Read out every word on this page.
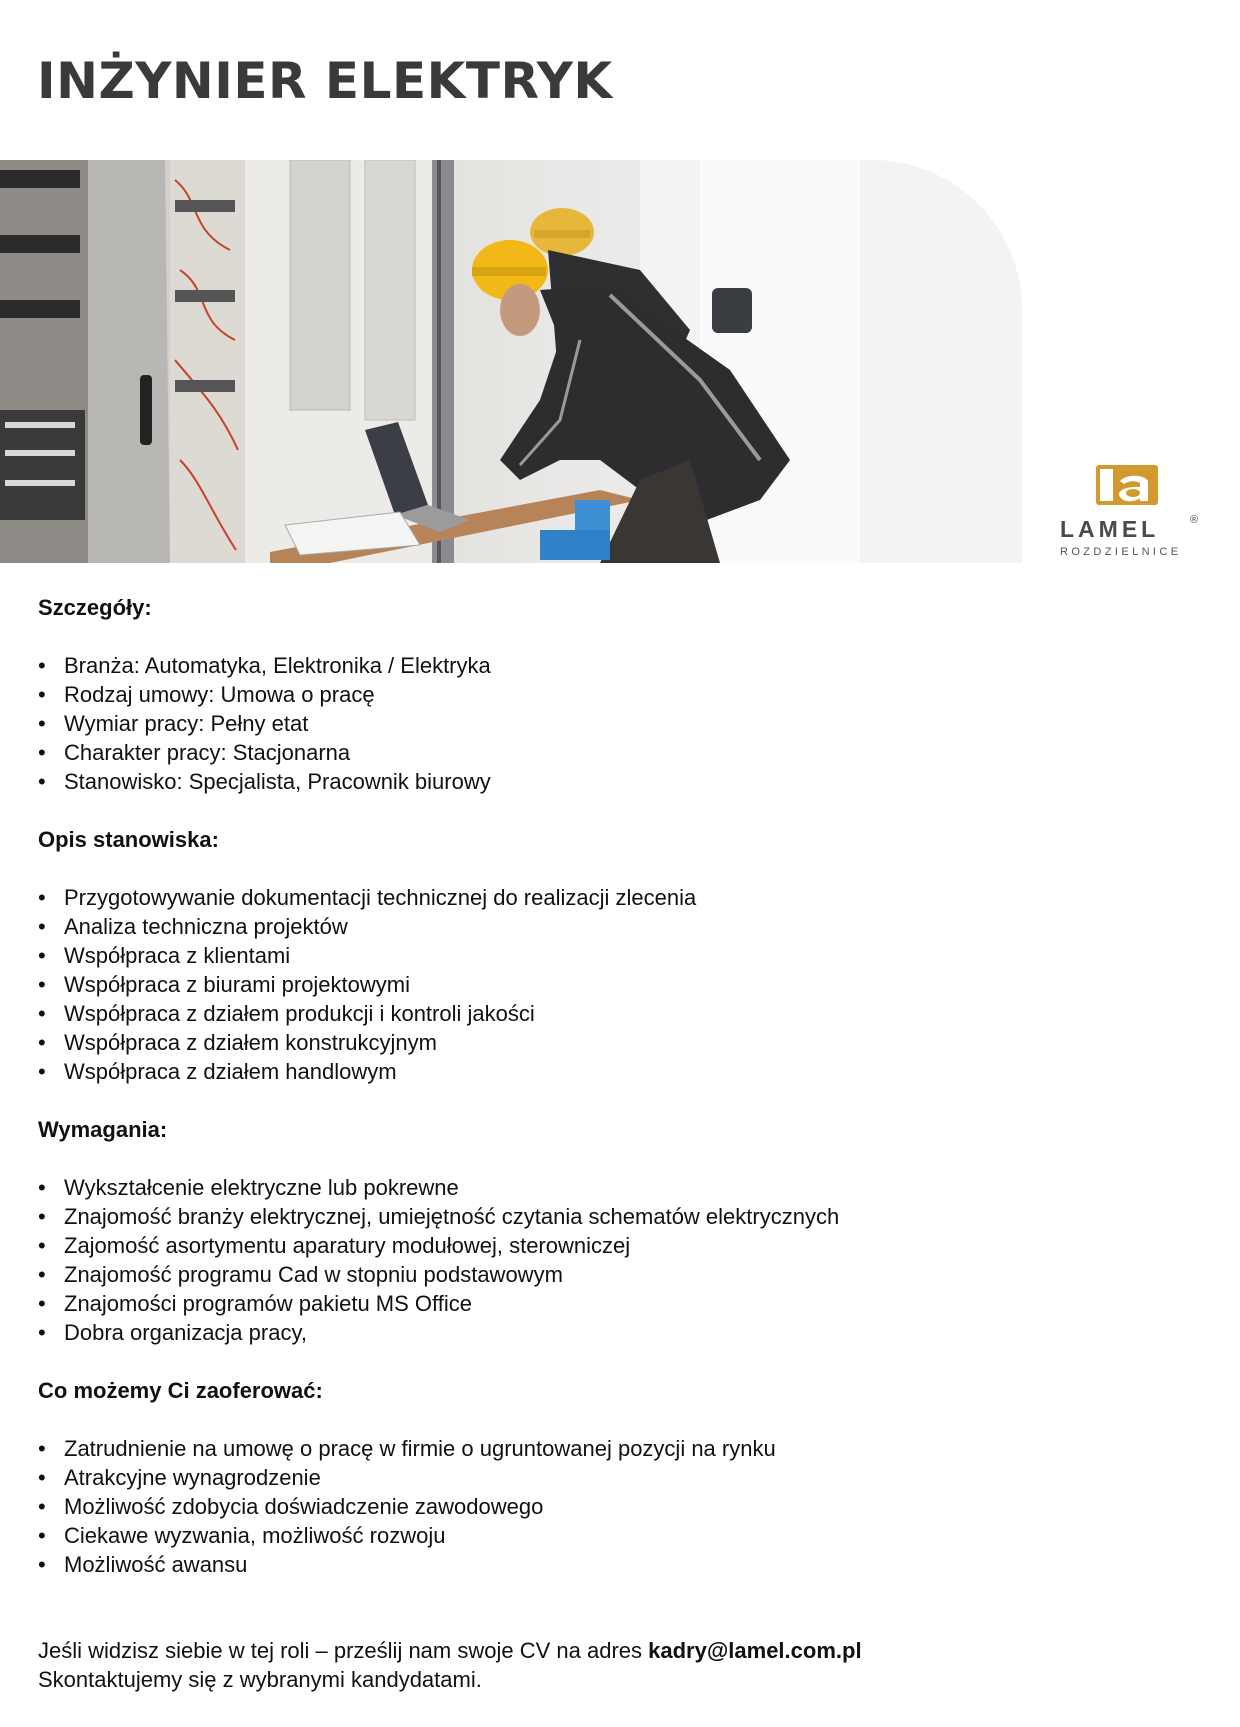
INŻYNIER ELEKTRYK
LAMEL	®
ROZDZIELNICE
Szczegóły:
• Branża: Automatyka, Elektronika / Elektryka
• Rodzaj umowy: Umowa o pracę
• Wymiar pracy: Pełny etat
• Charakter pracy: Stacjonarna
• Stanowisko: Specjalista, Pracownik biurowy
Opis stanowiska:
• Przygotowywanie dokumentacji technicznej do realizacji zlecenia
• Analiza techniczna projektów
• Współpraca z klientami
• Współpraca z biurami projektowymi
• Współpraca z działem produkcji i kontroli jakości
• Współpraca z działem konstrukcyjnym
• Współpraca z działem handlowym
Wymagania:
• Wykształcenie elektryczne lub pokrewne
• Znajomość branży elektrycznej, umiejętność czytania schematów elektrycznych
• Zajomość asortymentu aparatury modułowej, sterowniczej
• Znajomość programu Cad w stopniu podstawowym
• Znajomości programów pakietu MS Office
• Dobra organizacja pracy,
Co możemy Ci zaoferować:
• Zatrudnienie na umowę o pracę w firmie o ugruntowanej pozycji na rynku
• Atrakcyjne wynagrodzenie
• Możliwość zdobycia doświadczenie zawodowego
• Ciekawe wyzwania, możliwość rozwoju
• Możliwość awansu

Jeśli widzisz siebie w tej roli – prześlij nam swoje CV na adres kadry@lamel.com.pl

Skontaktujemy się z wybranymi kandydatami.
